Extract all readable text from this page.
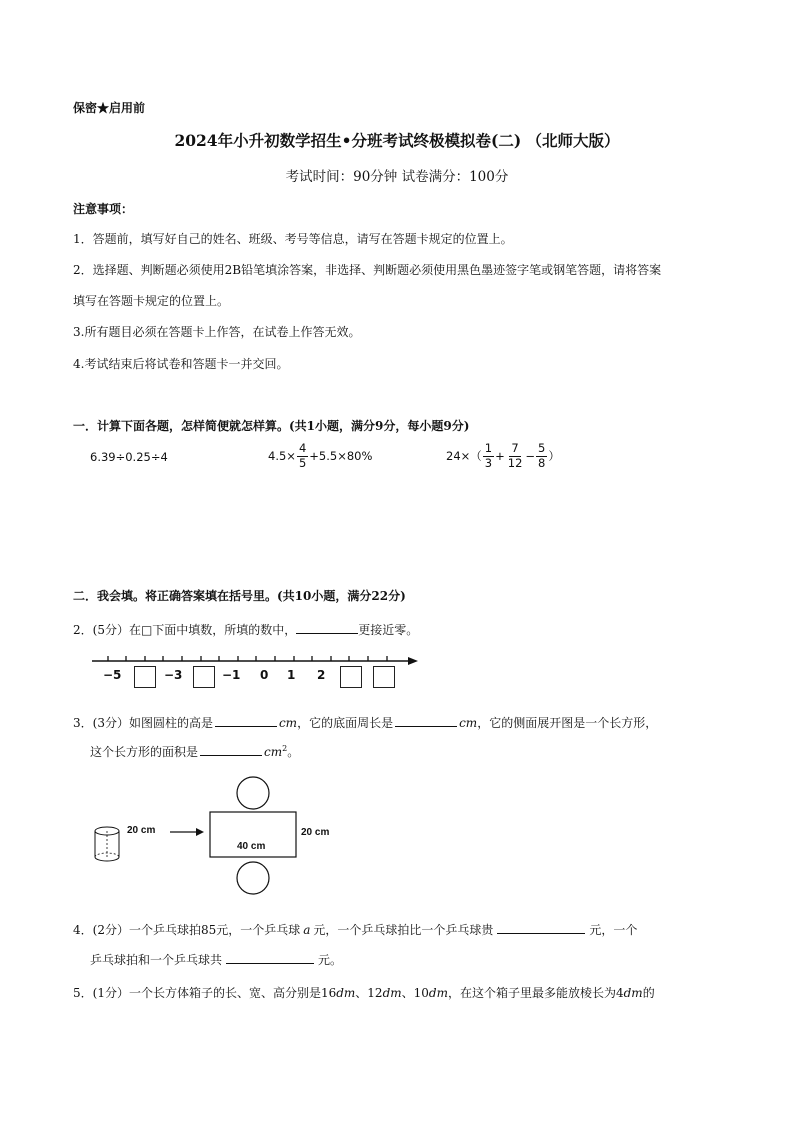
保密★启用前
2024年小升初数学招生•分班考试终极模拟卷(二) （北师大版）
考试时间：90分钟 试卷满分：100分
注意事项：
1．答题前，填写好自己的姓名、班级、考号等信息，请写在答题卡规定的位置上。
2．选择题、判断题必须使用2B铅笔填涂答案，非选择、判断题必须使用黑色墨迹签字笔或钢笔答题，请将答案
填写在答题卡规定的位置上。
3.所有题目必须在答题卡上作答，在试卷上作答无效。
4.考试结束后将试卷和答题卡一并交回。
一．计算下面各题，怎样简便就怎样算。(共1小题，满分9分，每小题9分)
6.39÷0.25÷4	$4.5\times \frac{4}{5} +5.5\times 80\%$	$24\times( \frac{1}{3} + \frac{7}{12} - \frac{5}{8}$ ）
二．我会填。将正确答案填在括号里。(共10小题，满分22分)
2．(5分）在□下面中填数，所填的数中，	更接近零。
−5	−3	−1 0 1 2
3．(3分）如图圆柱的高是	cm，它的底面周长是	cm，它的侧面展开图是一个长方形，
这个长方形的面积是	$cm^2$。
20 cm
40 cm
20 cm
4．(2分）一个乒乓球拍85元，一个乒乓球 a 元，一个乒乓球拍比一个乒乓球贵	元，一个
乒乓球拍和一个乒乓球共	元。
5．(1分）一个长方体箱子的长、宽、高分别是16dm、12dm、10dm，在这个箱子里最多能放棱长为4dm的
